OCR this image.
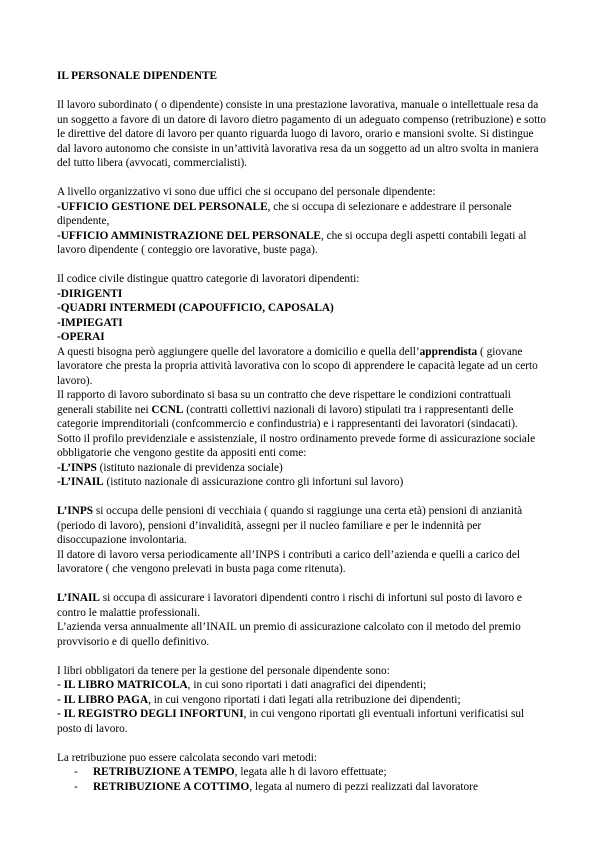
IL PERSONALE DIPENDENTE

Il lavoro subordinato ( o dipendente) consiste in una prestazione lavorativa, manuale o intellettuale resa da un soggetto a favore di un datore di lavoro dietro pagamento di un adeguato compenso (retribuzione) e sotto le direttive del datore di lavoro per quanto riguarda luogo di lavoro, orario e mansioni svolte. Si distingue dal lavoro autonomo che consiste in un’attività lavorativa resa da un soggetto ad un altro svolta in maniera del tutto libera (avvocati, commercialisti).

A livello organizzativo vi sono due uffici che si occupano del personale dipendente:

-UFFICIO GESTIONE DEL PERSONALE, che si occupa di selezionare e addestrare il personale dipendente,

-UFFICIO AMMINISTRAZIONE DEL PERSONALE, che si occupa degli aspetti contabili legati al lavoro dipendente ( conteggio ore lavorative, buste paga).

Il codice civile distingue quattro categorie di lavoratori dipendenti:

-DIRIGENTI

-QUADRI INTERMEDI (CAPOUFFICIO, CAPOSALA)

-IMPIEGATI

-OPERAI

A questi bisogna però aggiungere quelle del lavoratore a domicilio e quella dell’apprendista ( giovane lavoratore che presta la propria attività lavorativa con lo scopo di apprendere le capacità legate ad un certo lavoro).

Il rapporto di lavoro subordinato si basa su un contratto che deve rispettare le condizioni contrattuali generali stabilite nei CCNL (contratti collettivi nazionali di lavoro) stipulati tra i rappresentanti delle categorie imprenditoriali (confcommercio e confindustria) e i rappresentanti dei lavoratori (sindacati).

Sotto il profilo previdenziale e assistenziale, il nostro ordinamento prevede forme di assicurazione sociale obbligatorie che vengono gestite da appositi enti come:

-L’INPS (istituto nazionale di previdenza sociale)

-L’INAIL (istituto nazionale di assicurazione contro gli infortuni sul lavoro)

L’INPS si occupa delle pensioni di vecchiaia ( quando si raggiunge una certa età) pensioni di anzianità (periodo di lavoro), pensioni d’invalidità, assegni per il nucleo familiare e per le indennità per disoccupazione involontaria.

Il datore di lavoro versa periodicamente all’INPS i contributi a carico dell’azienda e quelli a carico del lavoratore ( che vengono prelevati in busta paga come ritenuta).

L’INAIL si occupa di assicurare i lavoratori dipendenti contro i rischi di infortuni sul posto di lavoro e contro le malattie professionali.

L’azienda versa annualmente all’INAIL un premio di assicurazione calcolato con il metodo del premio provvisorio e di quello definitivo.

I libri obbligatori da tenere per la gestione del personale dipendente sono:

- IL LIBRO MATRICOLA, in cui sono riportati i dati anagrafici dei dipendenti;

- IL LIBRO PAGA, in cui vengono riportati i dati legati alla retribuzione dei dipendenti;

- IL REGISTRO DEGLI INFORTUNI, in cui vengono riportati gli eventuali infortuni verificatisi sul posto di lavoro.

La retribuzione puo essere calcolata secondo vari metodi:

- RETRIBUZIONE A TEMPO, legata alle h di lavoro effettuate;
- RETRIBUZIONE A COTTIMO, legata al numero di pezzi realizzati dal lavoratore
